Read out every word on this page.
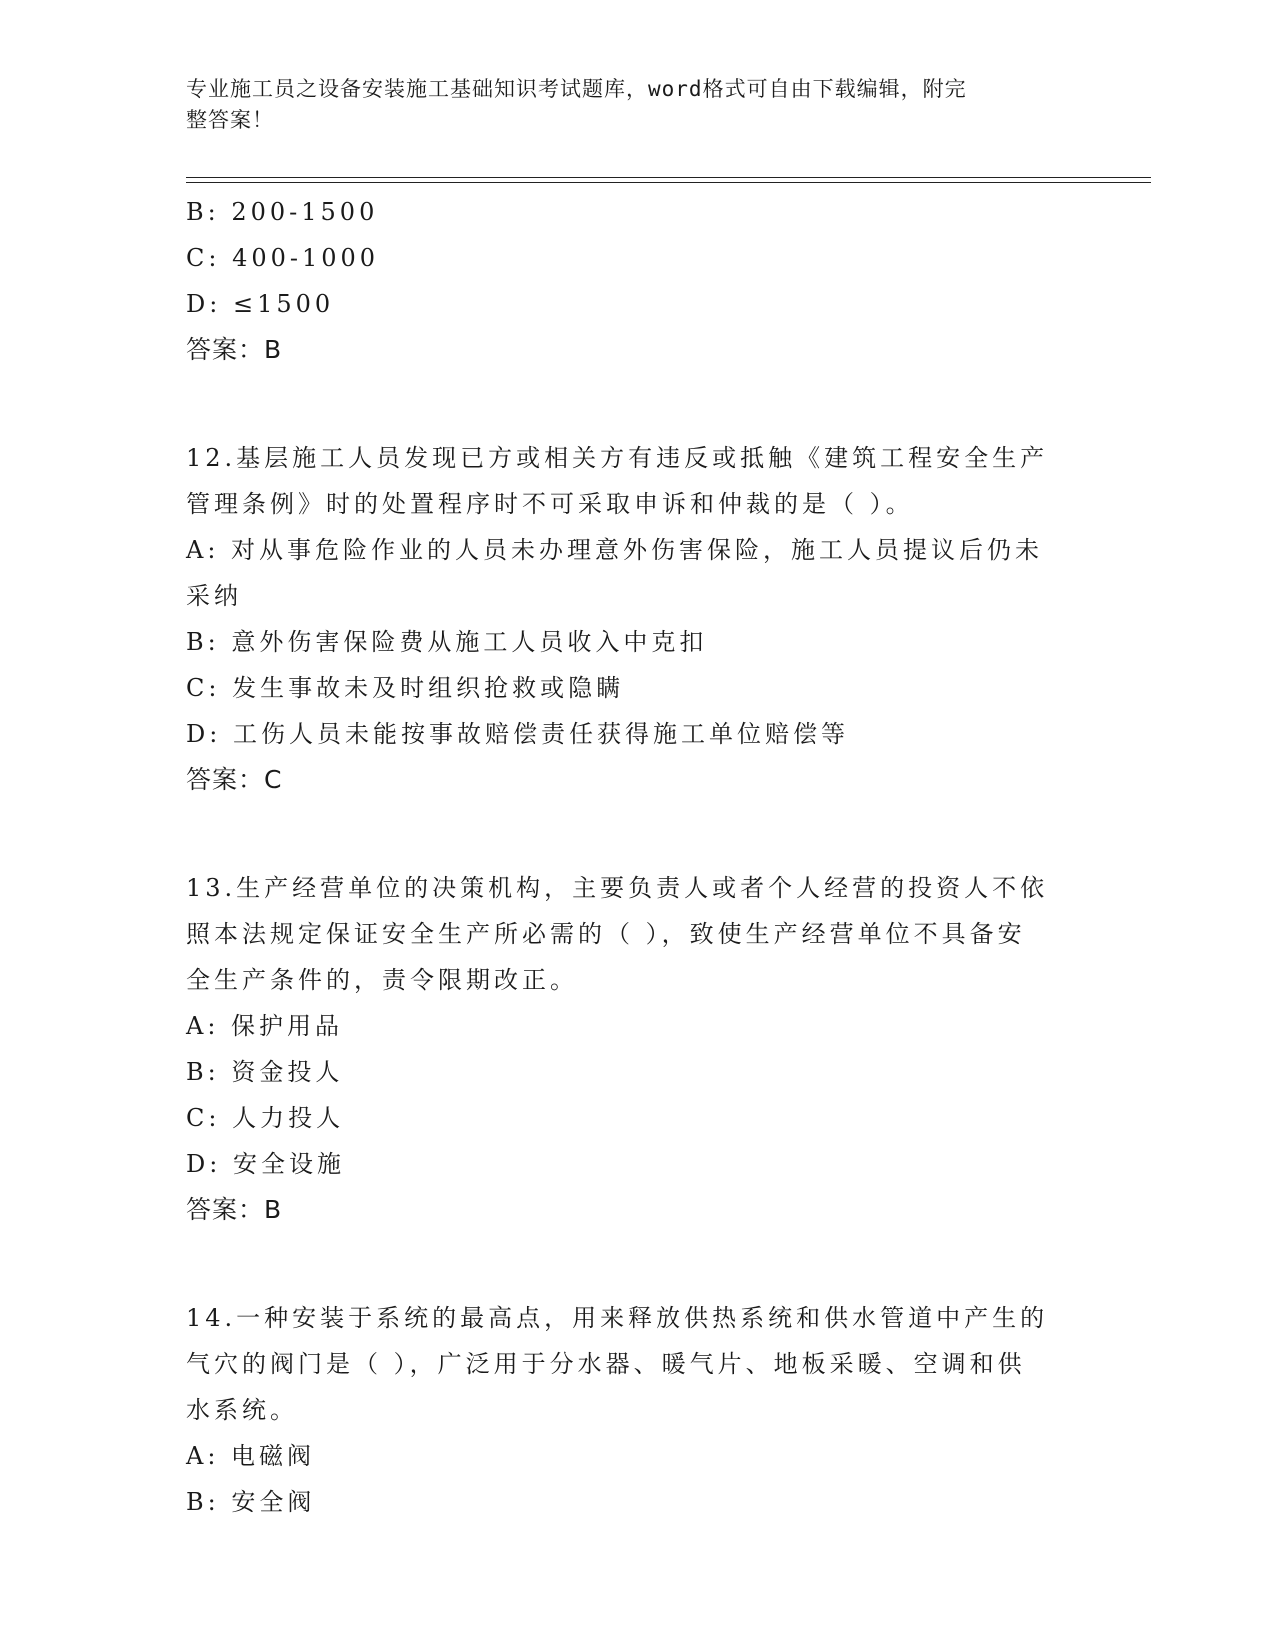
专业施工员之设备安装施工基础知识考试题库，word格式可自由下载编辑，附完
整答案！
B: 200-1500
C: 400-1000
D: ≤1500
答案：B
12.基层施工人员发现已方或相关方有违反或抵触《建筑工程安全生产
管理条例》时的处置程序时不可采取申诉和仲裁的是（ ）。
A: 对从事危险作业的人员未办理意外伤害保险，施工人员提议后仍未
采纳
B: 意外伤害保险费从施工人员收入中克扣
C: 发生事故未及时组织抢救或隐瞒
D: 工伤人员未能按事故赔偿责任获得施工单位赔偿等
答案：C
13.生产经营单位的决策机构，主要负责人或者个人经营的投资人不依
照本法规定保证安全生产所必需的（ ），致使生产经营单位不具备安
全生产条件的，责令限期改正。
A: 保护用品
B: 资金投人
C: 人力投人
D: 安全设施
答案：B
14.一种安装于系统的最高点，用来释放供热系统和供水管道中产生的
气穴的阀门是（ ），广泛用于分水器、暖气片、地板采暖、空调和供
水系统。
A: 电磁阀
B: 安全阀
